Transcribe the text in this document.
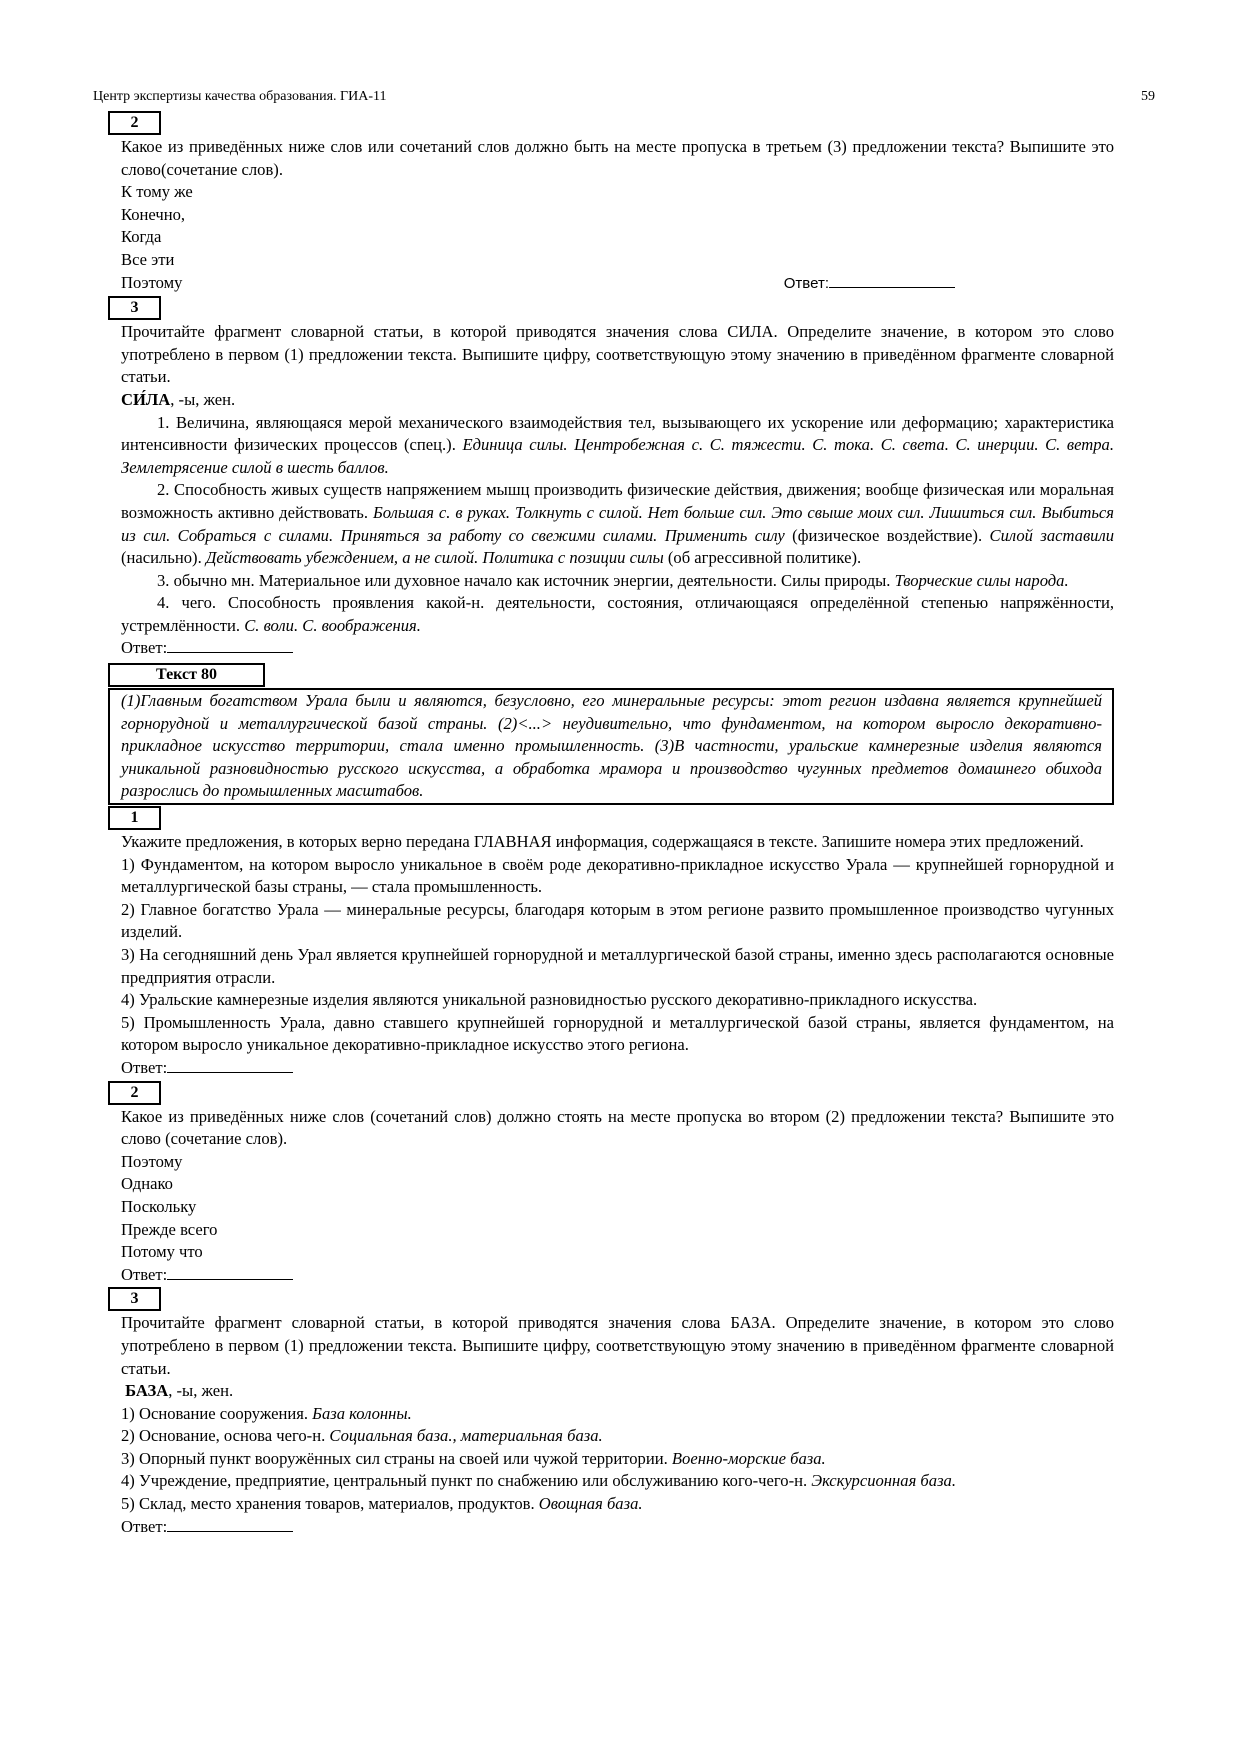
Центр экспертизы качества образования. ГИА-11	59
2

Какое из приведённых ниже слов или сочетаний слов должно быть на месте пропуска в третьем (3) предложении текста? Выпишите это слово(сочетание слов).

К тому же

Конечно,

Когда

Все эти

Поэтому	Ответ:

3

Прочитайте фрагмент словарной статьи, в которой приводятся значения слова СИЛА. Определите значение, в котором это слово употреблено в первом (1) предложении текста. Выпишите цифру, соответствующую этому значению в приведённом фрагменте словарной статьи.

СИ́ЛА, -ы, жен.

1. Величина, являющаяся мерой механического взаимодействия тел, вызывающего их ускорение или деформацию; характеристика интенсивности физических процессов (спец.). Единица силы. Центробежная с. С. тяжести. С. тока. С. света. С. инерции. С. ветра. Землетрясение силой в шесть баллов.

2. Способность живых существ напряжением мышц производить физические действия, движения; вообще физическая или моральная возможность активно действовать. Большая с. в руках. Толкнуть с силой. Нет больше сил. Это свыше моих сил. Лишиться сил. Выбиться из сил. Собраться с силами. Приняться за работу со свежими силами. Применить силу (физическое воздействие). Силой заставили (насильно). Действовать убеждением, а не силой. Политика с позиции силы (об агрессивной политике).

3. обычно мн. Материальное или духовное начало как источник энергии, деятельности. Силы природы. Творческие силы народа.

4. чего. Способность проявления какой-н. деятельности, состояния, отличающаяся определённой степенью напряжённости, устремлённости. С. воли. С. воображения.

Ответ:

Текст 80

(1)Главным богатством Урала были и являются, безусловно, его минеральные ресурсы: этот регион издавна является крупнейшей горнорудной и металлургической базой страны. (2)<...> неудивительно, что фундаментом, на котором выросло декоративно-прикладное искусство территории, стала именно промышленность. (3)В частности, уральские камнерезные изделия являются уникальной разновидностью русского искусства, а обработка мрамора и производство чугунных предметов домашнего обихода разрослись до промышленных масштабов.

1

Укажите предложения, в которых верно передана ГЛАВНАЯ информация, содержащаяся в тексте. Запишите номера этих предложений.

1) Фундаментом, на котором выросло уникальное в своём роде декоративно-прикладное искусство Урала — крупнейшей горнорудной и металлургической базы страны, — стала промышленность.

2) Главное богатство Урала — минеральные ресурсы, благодаря которым в этом регионе развито промышленное производство чугунных изделий.

3) На сегодняшний день Урал является крупнейшей горнорудной и металлургической базой страны, именно здесь располагаются основные предприятия отрасли.

4) Уральские камнерезные изделия являются уникальной разновидностью русского декоративно-прикладного искусства.

5) Промышленность Урала, давно ставшего крупнейшей горнорудной и металлургической базой страны, является фундаментом, на котором выросло уникальное декоративно-прикладное искусство этого региона.

Ответ:

2

Какое из приведённых ниже слов (сочетаний слов) должно стоять на месте пропуска во втором (2) предложении текста? Выпишите это слово (сочетание слов).

Поэтому

Однако

Поскольку

Прежде всего

Потому что

Ответ:

3

Прочитайте фрагмент словарной статьи, в которой приводятся значения слова БАЗА. Определите значение, в котором это слово употреблено в первом (1) предложении текста. Выпишите цифру, соответствующую этому значению в приведённом фрагменте словарной статьи.

БАЗА, -ы, жен.

1) Основание сооружения. База колонны.

2) Основание, основа чего-н. Социальная база., материальная база.

3) Опорный пункт вооружённых сил страны на своей или чужой территории. Военно-морские база.

4) Учреждение, предприятие, центральный пункт по снабжению или обслуживанию кого-чего-н. Экскурсионная база.

5) Склад, место хранения товаров, материалов, продуктов. Овощная база.

Ответ:
